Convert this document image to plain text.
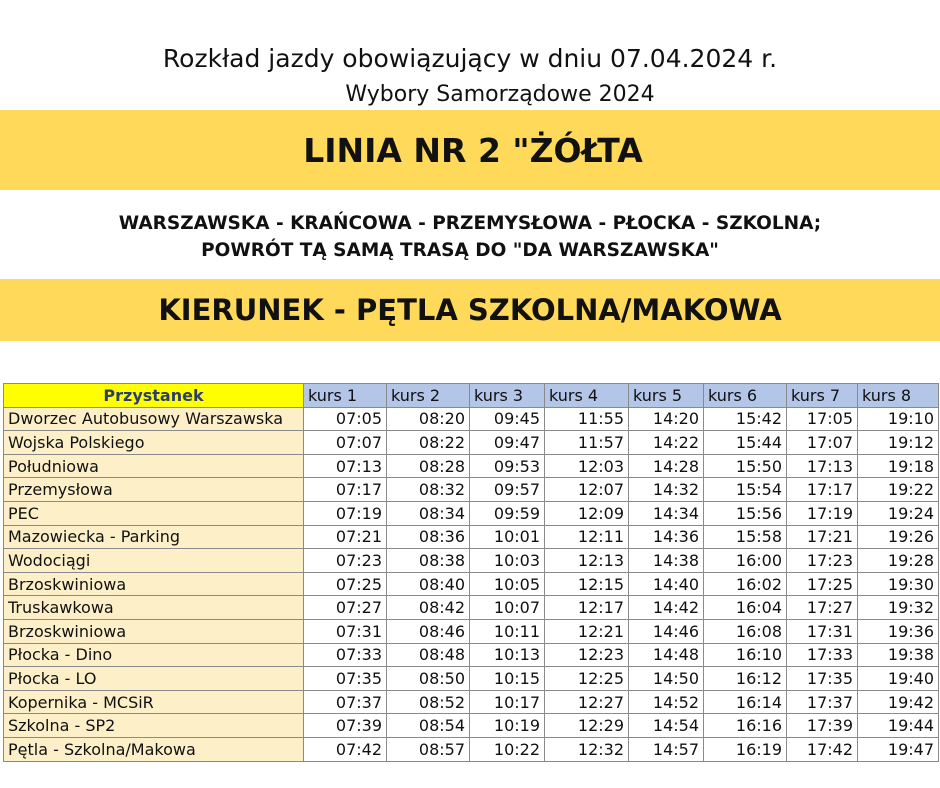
Rozkład jazdy obowiązujący w dniu 07.04.2024 r.
Wybory Samorządowe 2024
LINIA NR 2 "ŻÓŁTA
WARSZAWSKA - KRAŃCOWA - PRZEMYSŁOWA - PŁOCKA - SZKOLNA;
POWRÓT TĄ SAMĄ TRASĄ DO "DA WARSZAWSKA"
KIERUNEK - PĘTLA SZKOLNA/MAKOWA
Przystanek	kurs 1	kurs 2	kurs 3	kurs 4	kurs 5	kurs 6	kurs 7	kurs 8
Dworzec Autobusowy Warszawska	07:05	08:20	09:45	11:55	14:20	15:42	17:05	19:10
Wojska Polskiego	07:07	08:22	09:47	11:57	14:22	15:44	17:07	19:12
Południowa	07:13	08:28	09:53	12:03	14:28	15:50	17:13	19:18
Przemysłowa	07:17	08:32	09:57	12:07	14:32	15:54	17:17	19:22
PEC	07:19	08:34	09:59	12:09	14:34	15:56	17:19	19:24
Mazowiecka - Parking	07:21	08:36	10:01	12:11	14:36	15:58	17:21	19:26
Wodociągi	07:23	08:38	10:03	12:13	14:38	16:00	17:23	19:28
Brzoskwiniowa	07:25	08:40	10:05	12:15	14:40	16:02	17:25	19:30
Truskawkowa	07:27	08:42	10:07	12:17	14:42	16:04	17:27	19:32
Brzoskwiniowa	07:31	08:46	10:11	12:21	14:46	16:08	17:31	19:36
Płocka - Dino	07:33	08:48	10:13	12:23	14:48	16:10	17:33	19:38
Płocka - LO	07:35	08:50	10:15	12:25	14:50	16:12	17:35	19:40
Kopernika - MCSiR	07:37	08:52	10:17	12:27	14:52	16:14	17:37	19:42
Szkolna - SP2	07:39	08:54	10:19	12:29	14:54	16:16	17:39	19:44
Pętla - Szkolna/Makowa	07:42	08:57	10:22	12:32	14:57	16:19	17:42	19:47
